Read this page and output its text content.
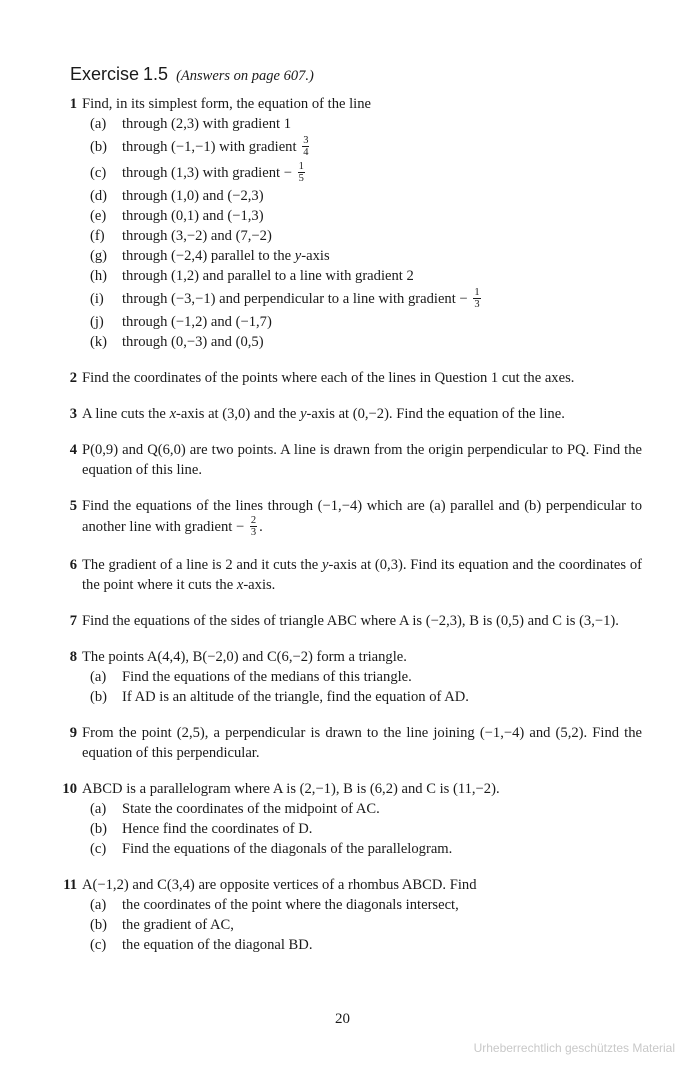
Exercise 1.5 (Answers on page 607.)
1 Find, in its simplest form, the equation of the line
(a) through (2,3) with gradient 1
(b) through (−1,−1) with gradient $\frac{3}{4}$
(c) through (1,3) with gradient − $\frac{1}{5}$
(d) through (1,0) and (−2,3)
(e) through (0,1) and (−1,3)
(f) through (3,−2) and (7,−2)
(g) through (−2,4) parallel to the y-axis
(h) through (1,2) and parallel to a line with gradient 2
(i) through (−3,−1) and perpendicular to a line with gradient − $\frac{1}{3}$
(j) through (−1,2) and (−1,7)
(k) through (0,−3) and (0,5)
2 Find the coordinates of the points where each of the lines in Question 1 cut the axes.
3 A line cuts the x-axis at (3,0) and the y-axis at (0,−2). Find the equation of the line.
4 P(0,9) and Q(6,0) are two points. A line is drawn from the origin perpendicular to PQ. Find the equation of this line.
5 Find the equations of the lines through (−1,−4) which are (a) parallel and (b) perpendicular to another line with gradient − $\frac{2}{3}$ .
6 The gradient of a line is 2 and it cuts the y-axis at (0,3). Find its equation and the coordinates of the point where it cuts the x-axis.
7 Find the equations of the sides of triangle ABC where A is (−2,3), B is (0,5) and C is (3,−1).
8 The points A(4,4), B(−2,0) and C(6,−2) form a triangle.
(a) Find the equations of the medians of this triangle.
(b) If AD is an altitude of the triangle, find the equation of AD.
9 From the point (2,5), a perpendicular is drawn to the line joining (−1,−4) and (5,2). Find the equation of this perpendicular.
10 ABCD is a parallelogram where A is (2,−1), B is (6,2) and C is (11,−2).
(a) State the coordinates of the midpoint of AC.
(b) Hence find the coordinates of D.
(c) Find the equations of the diagonals of the parallelogram.
11 A(−1,2) and C(3,4) are opposite vertices of a rhombus ABCD. Find
(a) the coordinates of the point where the diagonals intersect,
(b) the gradient of AC,
(c) the equation of the diagonal BD.
20
Urheberrechtlich geschütztes Material
